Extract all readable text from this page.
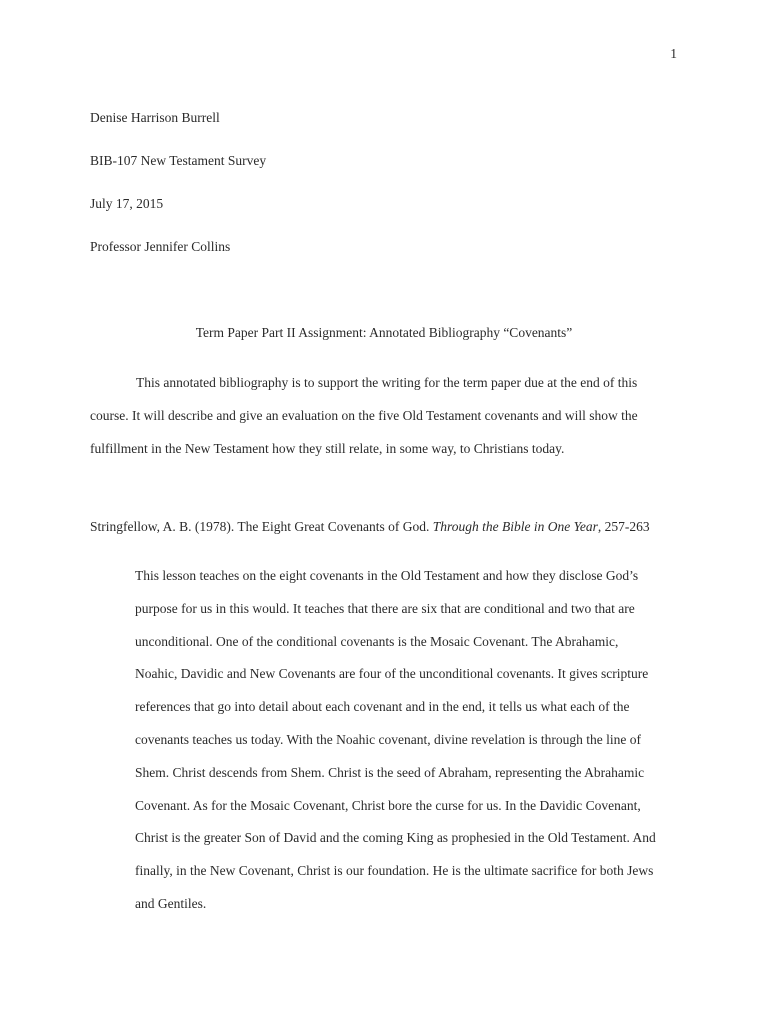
1
Denise Harrison Burrell
BIB-107 New Testament Survey
July 17, 2015
Professor Jennifer Collins
Term Paper Part II Assignment: Annotated Bibliography “Covenants”
This annotated bibliography is to support the writing for the term paper due at the end of this
course. It will describe and give an evaluation on the five Old Testament covenants and will show the
fulfillment in the New Testament how they still relate, in some way, to Christians today.
Stringfellow, A. B. (1978). The Eight Great Covenants of God. Through the Bible in One Year, 257-263
This lesson teaches on the eight covenants in the Old Testament and how they disclose God’s
purpose for us in this would. It teaches that there are six that are conditional and two that are
unconditional. One of the conditional covenants is the Mosaic Covenant. The Abrahamic,
Noahic, Davidic and New Covenants are four of the unconditional covenants. It gives scripture
references that go into detail about each covenant and in the end, it tells us what each of the
covenants teaches us today. With the Noahic covenant, divine revelation is through the line of
Shem. Christ descends from Shem. Christ is the seed of Abraham, representing the Abrahamic
Covenant. As for the Mosaic Covenant, Christ bore the curse for us. In the Davidic Covenant,
Christ is the greater Son of David and the coming King as prophesied in the Old Testament. And
finally, in the New Covenant, Christ is our foundation. He is the ultimate sacrifice for both Jews
and Gentiles.
